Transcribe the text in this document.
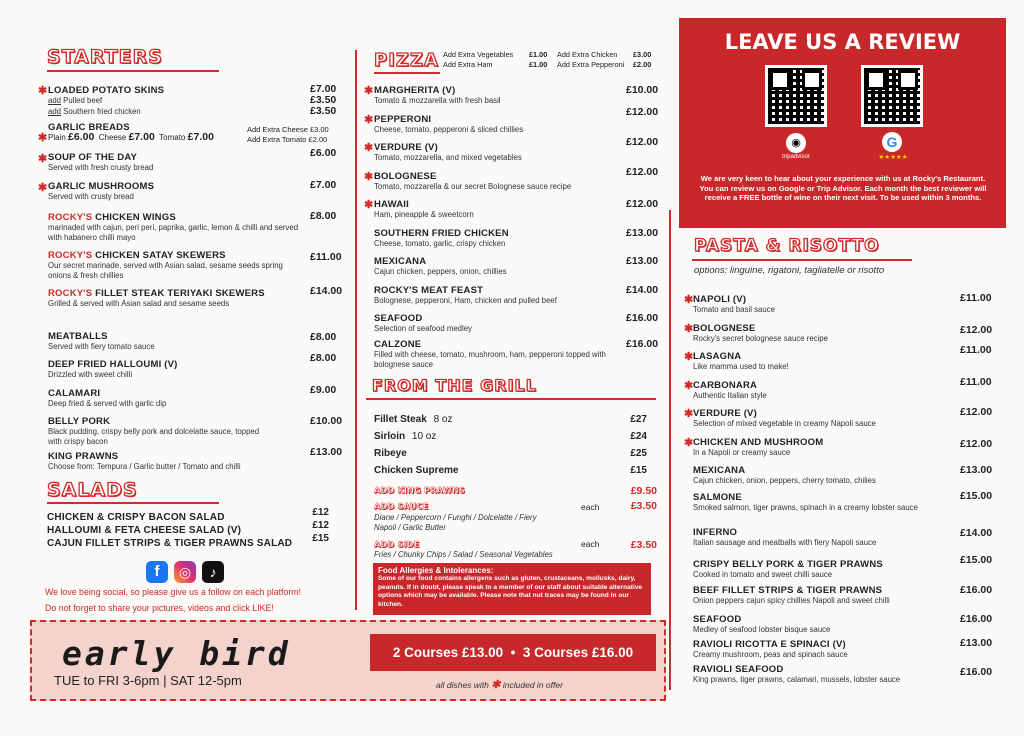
STARTERS
✱ LOADED POTATO SKINS	£7.00
add Pulled beef	£3.50
add Southern fried chicken	£3.50
GARLIC BREADS
✱ Plain £6.00 Cheese £7.00 Tomato £7.00
Add Extra Cheese £3.00
Add Extra Tomato £2.00
✱ SOUP OF THE DAY
Served with fresh crusty bread
£6.00
✱ GARLIC MUSHROOMS
Served with crusty bread
£7.00
ROCKY'S CHICKEN WINGS
marinaded with cajun, peri peri, paprika, garlic, lemon & chilli and served with habanero chilli mayo
£8.00
ROCKY'S CHICKEN SATAY SKEWERS
Our secret marinade, served with Asian salad, sesame seeds spring onions & fresh chillies
£11.00
ROCKY'S FILLET STEAK TERIYAKI SKEWERS
Grilled & served with Asian salad and sesame seeds
£14.00
MEATBALLS
Served with fiery tomato sauce
£8.00
DEEP FRIED HALLOUMI (V)
Drizzled with sweet chilli
£8.00
CALAMARI
Deep fried & served with garlic dip
£9.00
BELLY PORK
Black pudding, crispy belly pork and dolcelatte sauce, topped with crispy bacon
£10.00
KING PRAWNS
Choose from: Tempura / Garlic butter / Tomato and chilli
£13.00
SALADS
CHICKEN & CRISPY BACON SALAD	£12
HALLOUMI & FETA CHEESE SALAD (V)	£12
CAJUN FILLET STRIPS & TIGER PRAWNS SALAD £15
f	◎	♪
We love being social, so please give us a follow on each platform!
Do not forget to share your pictures, videos and click LIKE!
PIZZA Add Extra Vegetables £1.00 Add Extra Chicken £3.00
Add Extra Ham	£1.00 Add Extra Pepperoni £2.00
✱ MARGHERITA (V)
Tomato & mozzarella with fresh basil
£10.00
✱ PEPPERONI
Cheese, tomato, pepperoni & sliced chillies
£12.00
✱ VERDURE (V)
Tomato, mozzarella, and mixed vegetables
£12.00
✱ BOLOGNESE
Tomato, mozzarella & our secret Bolognese sauce recipe
£12.00
✱ HAWAII
Ham, pineapple & sweetcorn
£12.00
SOUTHERN FRIED CHICKEN
Cheese, tomato, garlic, crispy chicken
£13.00
MEXICANA
Cajun chicken, peppers, onion, chillies
£13.00
ROCKY'S MEAT FEAST
Bolognese, pepperoni, Ham, chicken and pulled beef
£14.00
SEAFOOD
Selection of seafood medley
£16.00
CALZONE
Filled with cheese, tomato, mushroom, ham, pepperoni topped with bolognese sauce
£16.00
FROM THE GRILL
Fillet Steak 8 oz	£27
Sirloin 10 oz	£24
Ribeye	£25
Chicken Supreme	£15
ADD KING PRAWNS	£9.50
ADD SAUCE	each	£3.50
Diane / Peppercorn / Funghi / Dolcelatte / Fiery Napoli / Garlic Butter
ADD SIDE	each	£3.50
Fries / Chunky Chips / Salad / Seasonal Vegetables
Food Allergies & Intolerances:
Some of our food contains allergens such as gluten, crustaceans, mollusks, dairy, peanuts. If in doubt, please speak to a member of our staff about suitable alternative options which may be available. Please note that nut traces may be found in our kitchen.
LEAVE US A REVIEW
◉
tripadvisor
G
★★★★★
We are very keen to hear about your experience with us at Rocky's Restaurant. You can review us on Google or Trip Advisor. Each month the best reviewer will receive a FREE bottle of wine on their next visit. To be used within 3 months.
PASTA & RISOTTO
options: linguine, rigatoni, tagliatelle or risotto
✱ NAPOLI (V)
Tomato and basil sauce
£11.00
✱ BOLOGNESE
Rocky's secret bolognese sauce recipe
£12.00
✱ LASAGNA
Like mamma used to make!
£11.00
✱ CARBONARA
Authentic Italian style
£11.00
✱ VERDURE (V)
Selection of mixed vegetable in creamy Napoli sauce
£12.00
✱ CHICKEN AND MUSHROOM
In a Napoli or creamy sauce
£12.00
MEXICANA
Cajun chicken, onion, peppers, cherry tomato, chilies
£13.00
SALMONE
Smoked salmon, tiger prawns, spinach in a creamy lobster sauce
£15.00
INFERNO
Italian sausage and meatballs with fiery Napoli sauce
£14.00
CRISPY BELLY PORK & TIGER PRAWNS
Cooked in tomato and sweet chilli sauce
£15.00
BEEF FILLET STRIPS & TIGER PRAWNS
Onion peppers cajun spicy chillies Napoli and sweet chilli
£16.00
SEAFOOD
Medley of seafood lobster bisque sauce
£16.00
RAVIOLI RICOTTA E SPINACI (V)
Creamy mushroom, peas and spinach sauce
£13.00
RAVIOLI SEAFOOD
King prawns, tiger prawns, calamari, mussels, lobster sauce
£16.00
early bird
TUE to FRI 3-6pm | SAT 12-5pm
2 Courses £13.00  •  3 Courses £16.00
all dishes with ✱ included in offer
